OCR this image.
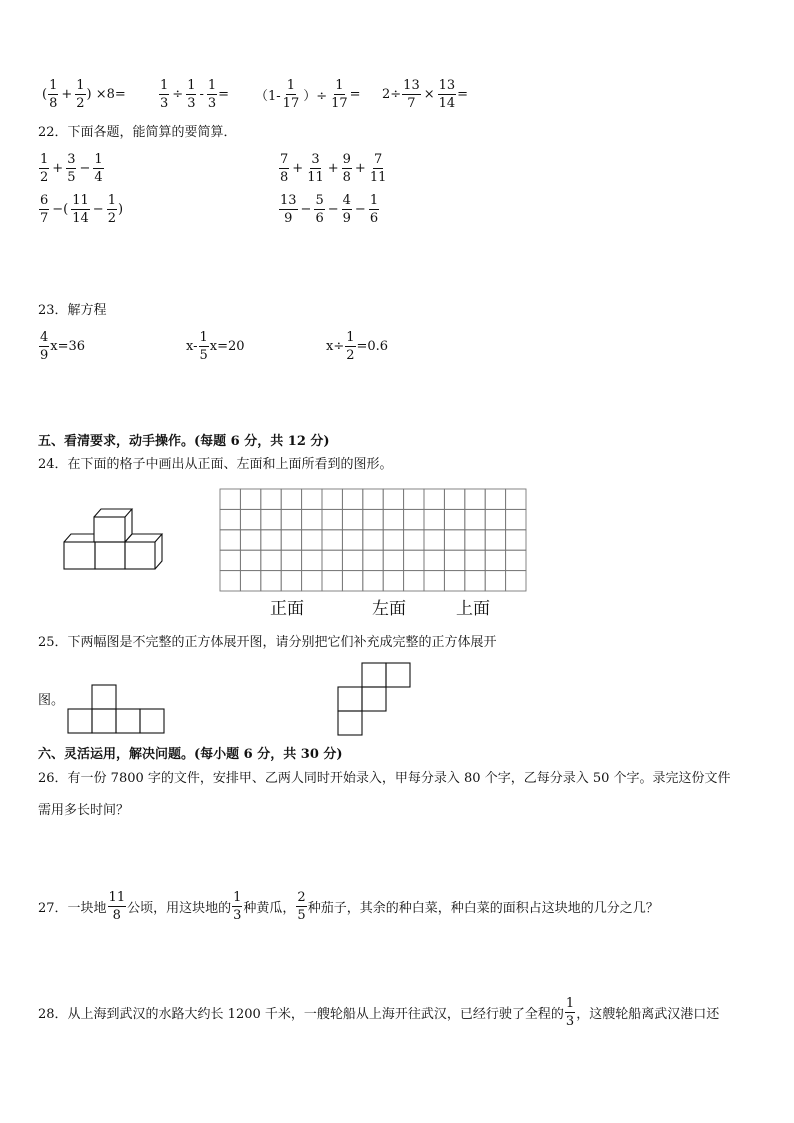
( $\frac{1}{8} + \frac{1}{2}$ ) ×8=	$\frac{1}{3} \div \frac{1}{3} - \frac{1}{3} = (1- \frac{1}{17}$ ）÷ $\frac{1}{17} = 2\div \frac{13}{7} \times \frac{13}{14}$ =
22．下面各题，能简算的要简算．
$\frac{1}{2} + \frac{3}{5} - \frac{1}{4}$	$\frac{7}{8} + \frac{3}{11} + \frac{9}{8} + \frac{7}{11}$
$\frac{6}{7}$ −( $\frac{11}{14} - \frac{1}{2}$ )	$\frac{13}{9} - \frac{5}{6} - \frac{4}{9} - \frac{1}{6}$
23．解方程
$\frac{4}{9} x=36$	$x- \frac{1}{5} x=20$	$x\div \frac{1}{2} =0.6$
五、看清要求，动手操作。(每题 6 分，共 12 分)
24．在下面的格子中画出从正面、左面和上面所看到的图形。
正面	左面	上面
25．下两幅图是不完整的正方体展开图，请分别把它们补充成完整的正方体展开
图。
六、灵活运用，解决问题。(每小题 6 分，共 30 分)
26．有一份 7800 字的文件，安排甲、乙两人同时开始录入，甲每分录入 80 个字，乙每分录入 50 个字。录完这份文件
需用多长时间？
27．一块地 $\frac{11}{8}$ 公顷，用这块地的 $\frac{1}{3}$ 种黄瓜， $\frac{2}{5}$ 种茄子，其余的种白菜，种白菜的面积占这块地的几分之几？
28．从上海到武汉的水路大约长 1200 千米，一艘轮船从上海开往武汉，已经行驶了全程的 $\frac{1}{3}$ ，这艘轮船离武汉港口还
